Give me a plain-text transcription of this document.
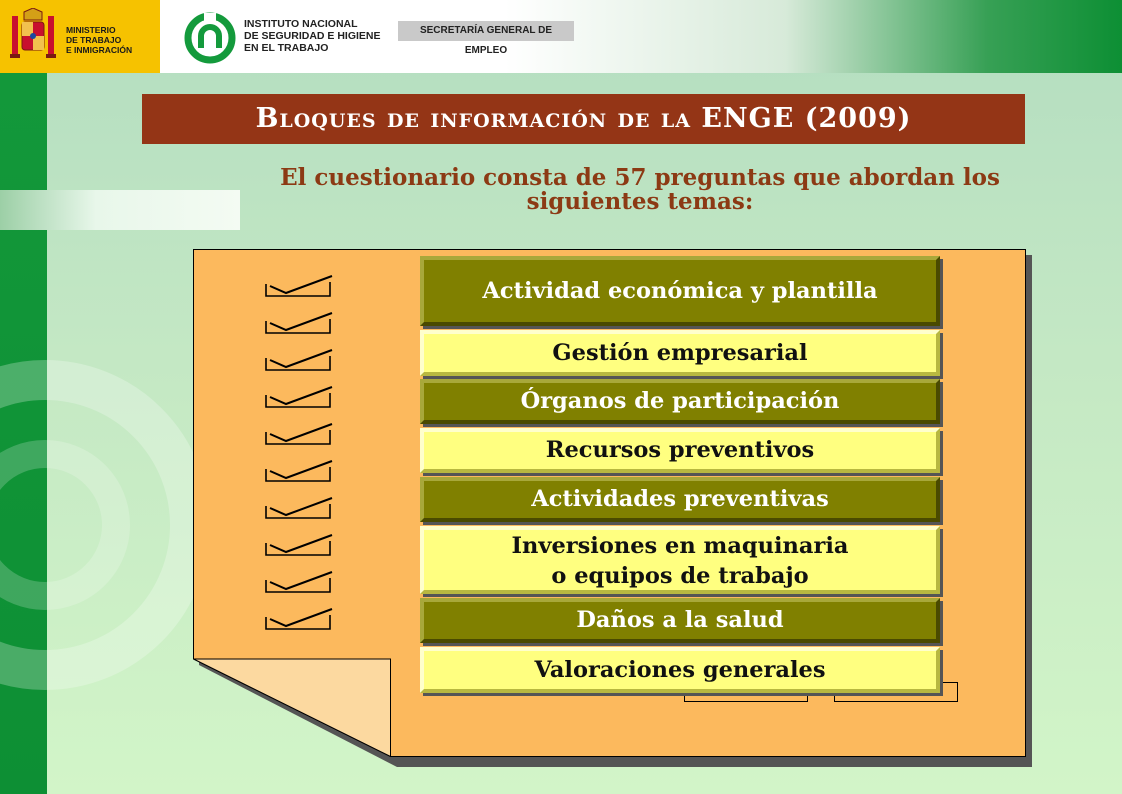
MINISTERIO
DE TRABAJO
E INMIGRACIÓN
INSTITUTO NACIONAL
DE SEGURIDAD E HIGIENE
EN EL TRABAJO
SECRETARÍA GENERAL DE EMPLEO
Bloques de información de la ENGE (2009)
El cuestionario consta de 57 preguntas que abordan los
siguientes temas:
Actividad económica y plantilla
Gestión empresarial
Órganos de participación
Recursos preventivos
Actividades preventivas
Inversiones en maquinaria
o equipos de trabajo
Daños a la salud
Valoraciones generales
